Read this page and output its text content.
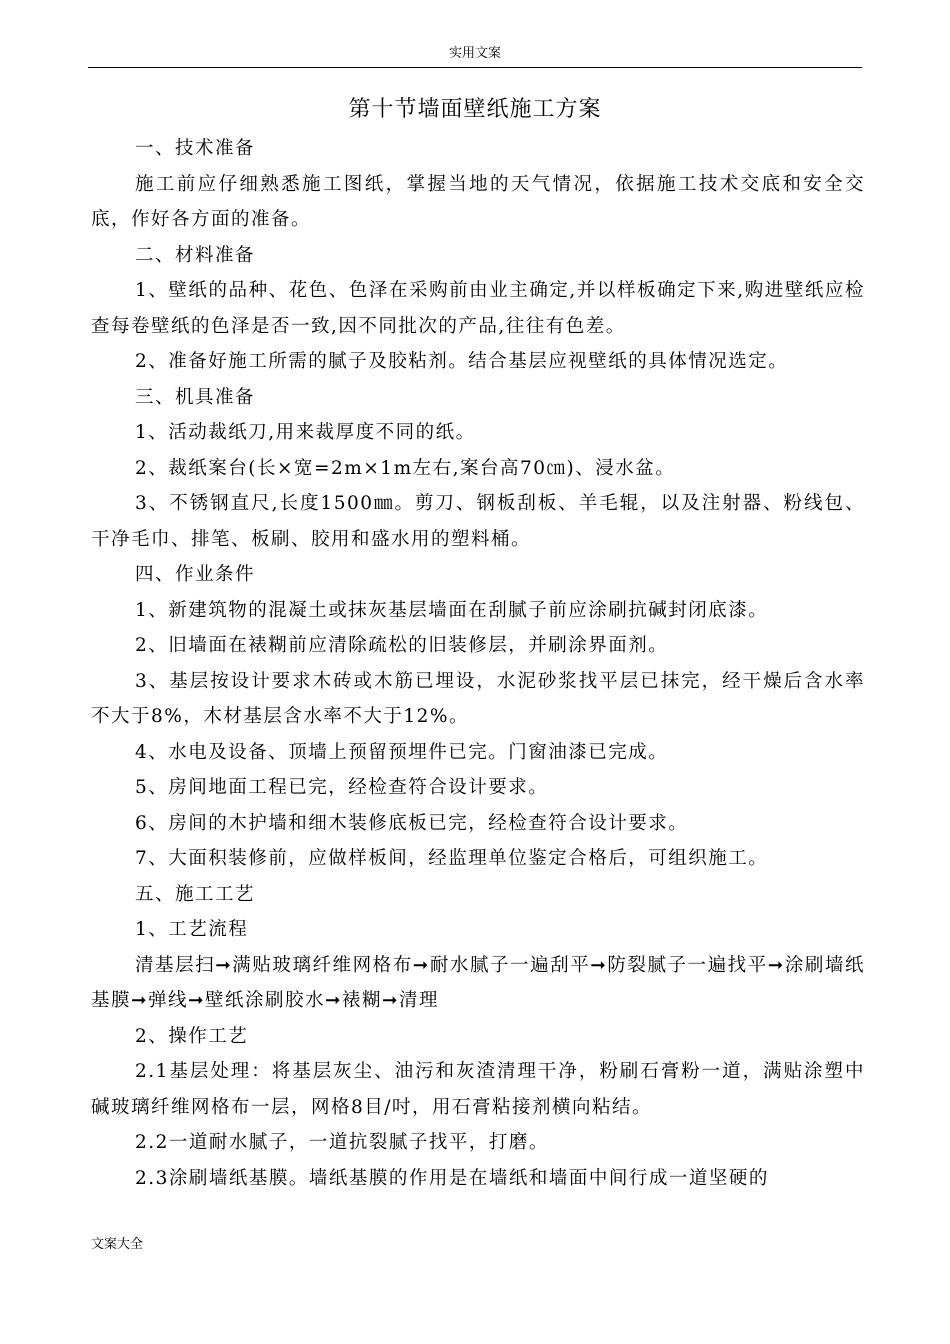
实用文案
第十节墙面壁纸施工方案

一、技术准备

施工前应仔细熟悉施工图纸，掌握当地的天气情况，依据施工技术交底和安全交底，作好各方面的准备。

二、材料准备

1、壁纸的品种、花色、色泽在采购前由业主确定,并以样板确定下来,购进壁纸应检查每卷壁纸的色泽是否一致,因不同批次的产品,往往有色差。

2、准备好施工所需的腻子及胶粘剂。结合基层应视壁纸的具体情况选定。

三、机具准备

1、活动裁纸刀,用来裁厚度不同的纸。

2、裁纸案台(长×宽=2m×1m左右,案台高70㎝)、浸水盆。

3、不锈钢直尺,长度1500㎜。剪刀、钢板刮板、羊毛辊，以及注射器、粉线包、干净毛巾、排笔、板刷、胶用和盛水用的塑料桶。

四、作业条件

1、新建筑物的混凝土或抹灰基层墙面在刮腻子前应涂刷抗碱封闭底漆。

2、旧墙面在裱糊前应清除疏松的旧装修层，并刷涂界面剂。

3、基层按设计要求木砖或木筋已埋设，水泥砂浆找平层已抹完，经干燥后含水率不大于8%，木材基层含水率不大于12%。

4、水电及设备、顶墙上预留预埋件已完。门窗油漆已完成。

5、房间地面工程已完，经检查符合设计要求。

6、房间的木护墙和细木装修底板已完，经检查符合设计要求。

7、大面积装修前，应做样板间，经监理单位鉴定合格后，可组织施工。

五、施工工艺

1、工艺流程

清基层扫➞满贴玻璃纤维网格布➞耐水腻子一遍刮平➞防裂腻子一遍找平➞涂刷墙纸基膜➞弹线➞壁纸涂刷胶水➞裱糊➞清理

2、操作工艺

2.1基层处理：将基层灰尘、油污和灰渣清理干净，粉刷石膏粉一道，满贴涂塑中碱玻璃纤维网格布一层，网格8目/吋，用石膏粘接剂横向粘结。

2.2一道耐水腻子，一道抗裂腻子找平，打磨。

2.3涂刷墙纸基膜。墙纸基膜的作用是在墙纸和墙面中间行成一道坚硬的

文案大全
